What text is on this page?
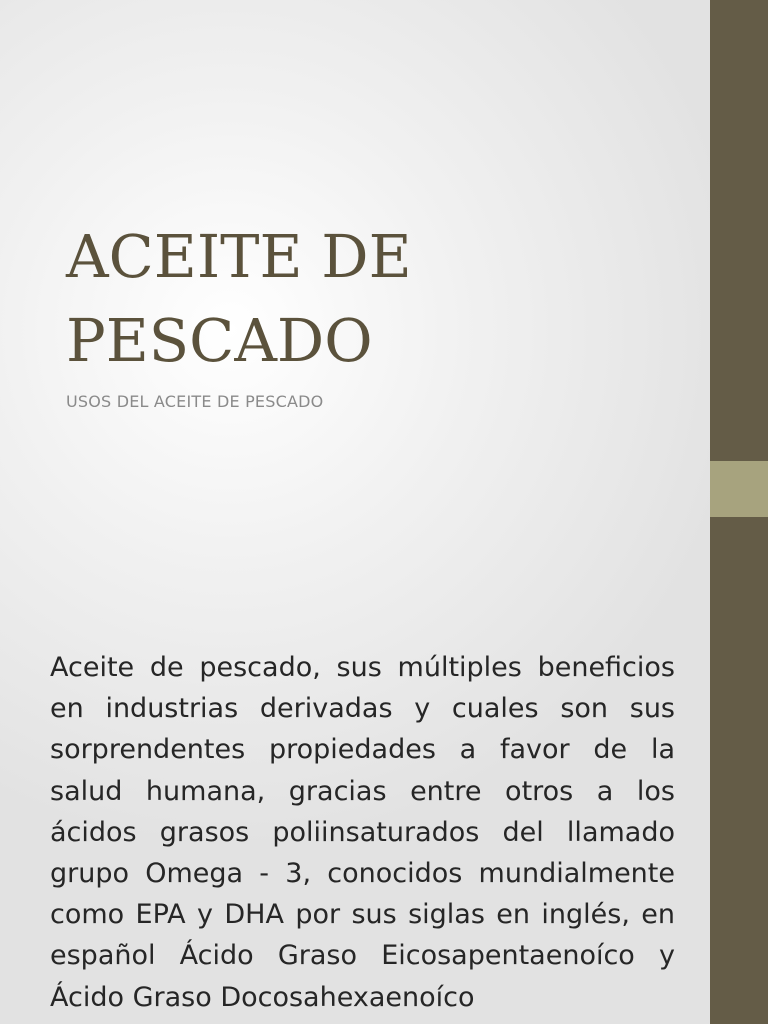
ACEITE DE PESCADO
USOS DEL ACEITE DE PESCADO

Aceite de pescado, sus múltiples beneficios en industrias derivadas y cuales son sus sorprendentes propiedades a favor de la salud humana, gracias entre otros a los ácidos grasos poliinsaturados del llamado grupo Omega - 3, conocidos mundialmente como EPA y DHA por sus siglas en inglés, en español Ácido Graso Eicosapentaenoíco y Ácido Graso Docosahexaenoíco
